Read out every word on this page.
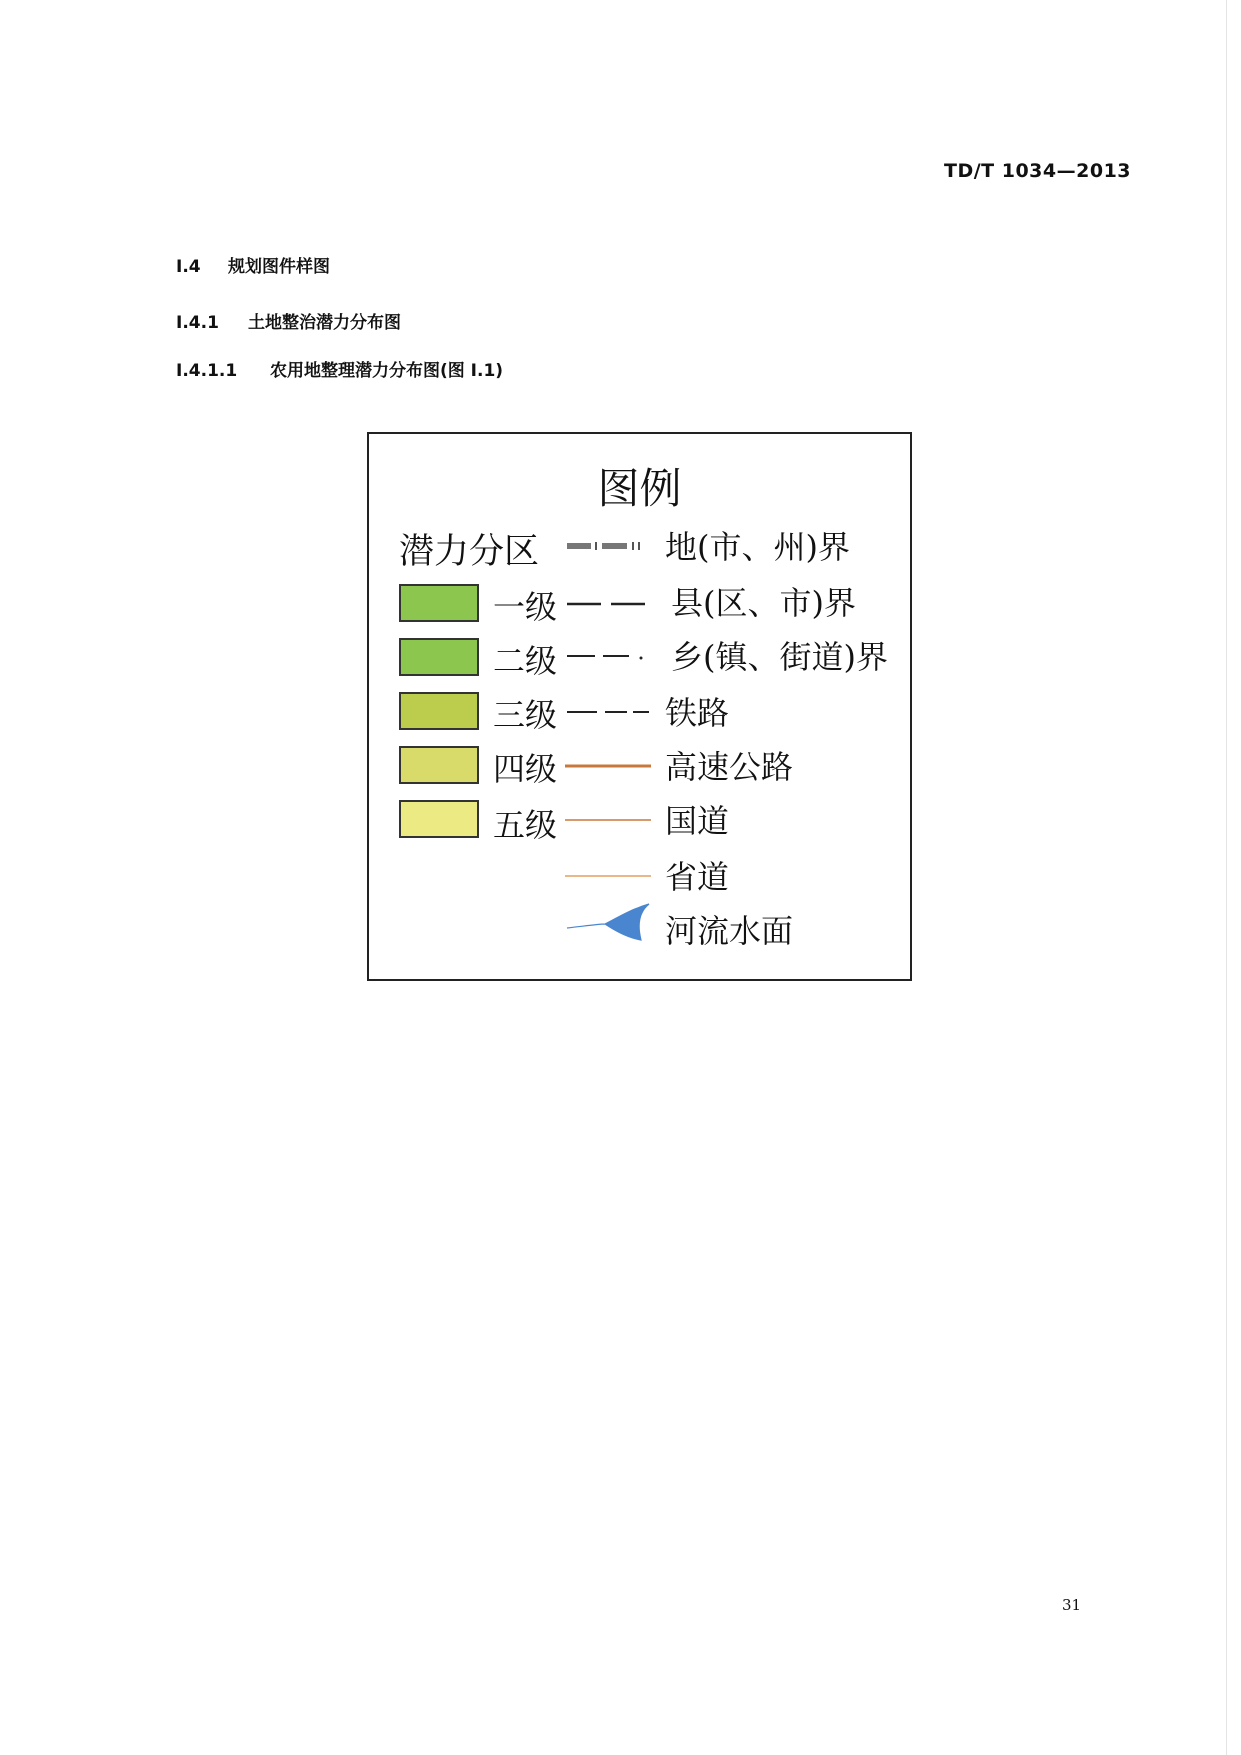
TD/T 1034—2013
I.4 规划图件样图
I.4.1 土地整治潜力分布图
I.4.1.1 农用地整理潜力分布图(图 I.1)
图例
潜力分区
一级
二级
三级
四级
五级
地(市、州)界
县(区、市)界
乡(镇、街道)界
铁路
高速公路
国道
省道
河流水面
31
